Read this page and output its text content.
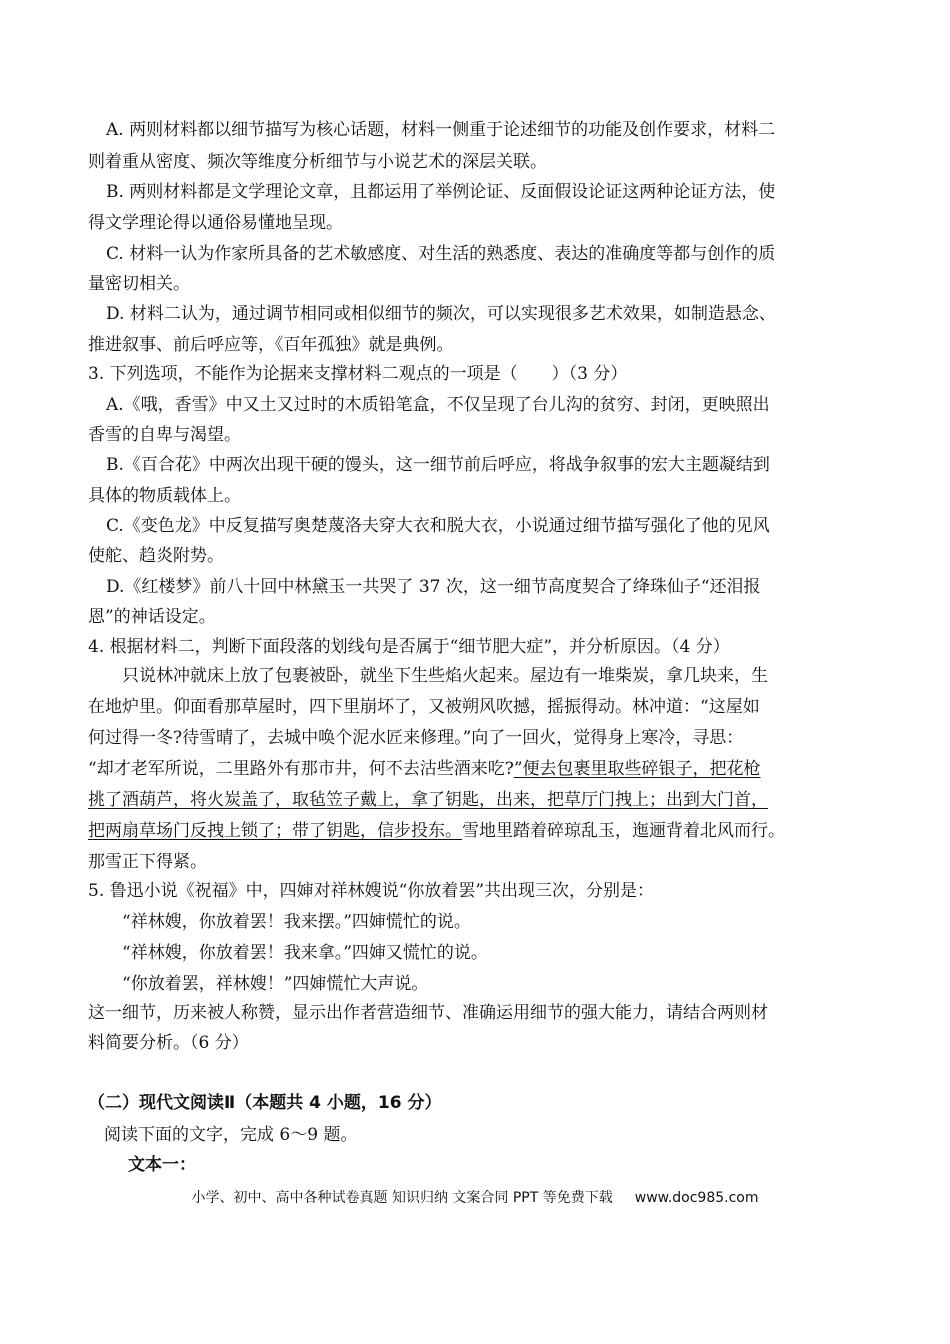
A. 两则材料都以细节描写为核心话题，材料一侧重于论述细节的功能及创作要求，材料二
则着重从密度、频次等维度分析细节与小说艺术的深层关联。
B. 两则材料都是文学理论文章，且都运用了举例论证、反面假设论证这两种论证方法，使
得文学理论得以通俗易懂地呈现。
C. 材料一认为作家所具备的艺术敏感度、对生活的熟悉度、表达的准确度等都与创作的质
量密切相关。
D. 材料二认为，通过调节相同或相似细节的频次，可以实现很多艺术效果，如制造悬念、
推进叙事、前后呼应等，《百年孤独》就是典例。
3. 下列选项，不能作为论据来支撑材料二观点的一项是（　　）（3 分）
A.《哦，香雪》中又土又过时的木质铅笔盒，不仅呈现了台儿沟的贫穷、封闭，更映照出
香雪的自卑与渴望。
B.《百合花》中两次出现干硬的馒头，这一细节前后呼应，将战争叙事的宏大主题凝结到
具体的物质载体上。
C.《变色龙》中反复描写奥楚蔑洛夫穿大衣和脱大衣，小说通过细节描写强化了他的见风
使舵、趋炎附势。
D.《红楼梦》前八十回中林黛玉一共哭了 37 次，这一细节高度契合了绛珠仙子“还泪报
恩”的神话设定。
4. 根据材料二，判断下面段落的划线句是否属于“细节肥大症”，并分析原因。（4 分）
只说林冲就床上放了包裹被卧，就坐下生些焰火起来。屋边有一堆柴炭，拿几块来，生
在地炉里。仰面看那草屋时，四下里崩坏了，又被朔风吹撼，摇振得动。林冲道：“这屋如
何过得一冬?待雪晴了，去城中唤个泥水匠来修理。”向了一回火，觉得身上寒冷，寻思：
“却才老军所说，二里路外有那市井，何不去沽些酒来吃?”便去包裹里取些碎银子，把花枪
挑了酒葫芦，将火炭盖了，取毡笠子戴上，拿了钥匙，出来，把草厅门拽上；出到大门首，
把两扇草场门反拽上锁了；带了钥匙，信步投东。雪地里踏着碎琼乱玉，迤逦背着北风而行。
那雪正下得紧。
5. 鲁迅小说《祝福》中，四婶对祥林嫂说“你放着罢”共出现三次，分别是：
“祥林嫂，你放着罢！我来摆。”四婶慌忙的说。
“祥林嫂，你放着罢！我来拿。”四婶又慌忙的说。
“你放着罢，祥林嫂！”四婶慌忙大声说。
这一细节，历来被人称赞，显示出作者营造细节、准确运用细节的强大能力，请结合两则材
料简要分析。（6 分）
（二）现代文阅读Ⅱ（本题共 4 小题，16 分）
阅读下面的文字，完成 6～9 题。
文本一：
小学、初中、高中各种试卷真题 知识归纳 文案合同 PPT 等免费下载 www.doc985.com
